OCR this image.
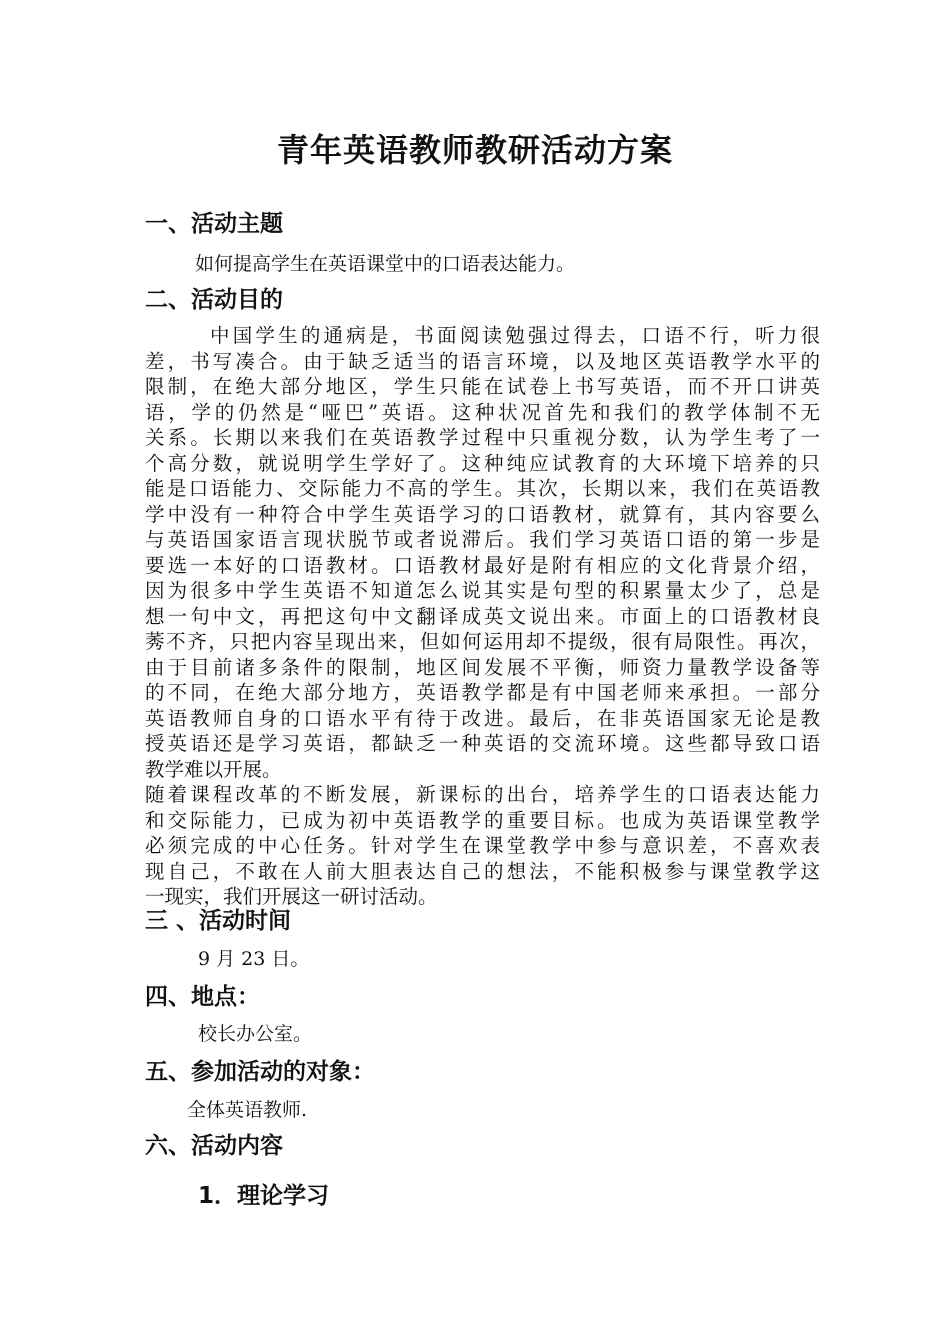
青年英语教师教研活动方案
一、活动主题
如何提高学生在英语课堂中的口语表达能力。
二、活动目的
中国学生的通病是，书面阅读勉强过得去，口语不行，听力很
差，书写凑合。由于缺乏适当的语言环境，以及地区英语教学水平的
限制，在绝大部分地区，学生只能在试卷上书写英语，而不开口讲英
语，学的仍然是“哑巴”英语。这种状况首先和我们的教学体制不无
关系。长期以来我们在英语教学过程中只重视分数，认为学生考了一
个高分数，就说明学生学好了。这种纯应试教育的大环境下培养的只
能是口语能力、交际能力不高的学生。其次，长期以来，我们在英语教
学中没有一种符合中学生英语学习的口语教材，就算有，其内容要么
与英语国家语言现状脱节或者说滞后。我们学习英语口语的第一步是
要选一本好的口语教材。口语教材最好是附有相应的文化背景介绍，
因为很多中学生英语不知道怎么说其实是句型的积累量太少了，总是
想一句中文，再把这句中文翻译成英文说出来。市面上的口语教材良
莠不齐，只把内容呈现出来，但如何运用却不提级，很有局限性。再次，
由于目前诸多条件的限制，地区间发展不平衡，师资力量教学设备等
的不同，在绝大部分地方，英语教学都是有中国老师来承担。一部分
英语教师自身的口语水平有待于改进。最后，在非英语国家无论是教
授英语还是学习英语，都缺乏一种英语的交流环境。这些都导致口语
教学难以开展。
随着课程改革的不断发展，新课标的出台，培养学生的口语表达能力
和交际能力，已成为初中英语教学的重要目标。也成为英语课堂教学
必须完成的中心任务。针对学生在课堂教学中参与意识差，不喜欢表
现自己，不敢在人前大胆表达自己的想法，不能积极参与课堂教学这
一现实，我们开展这一研讨活动。
三 、活动时间
9 月 23 日。
四、地点：
校长办公室。
五、参加活动的对象：
全体英语教师.
六、活动内容
1．理论学习
